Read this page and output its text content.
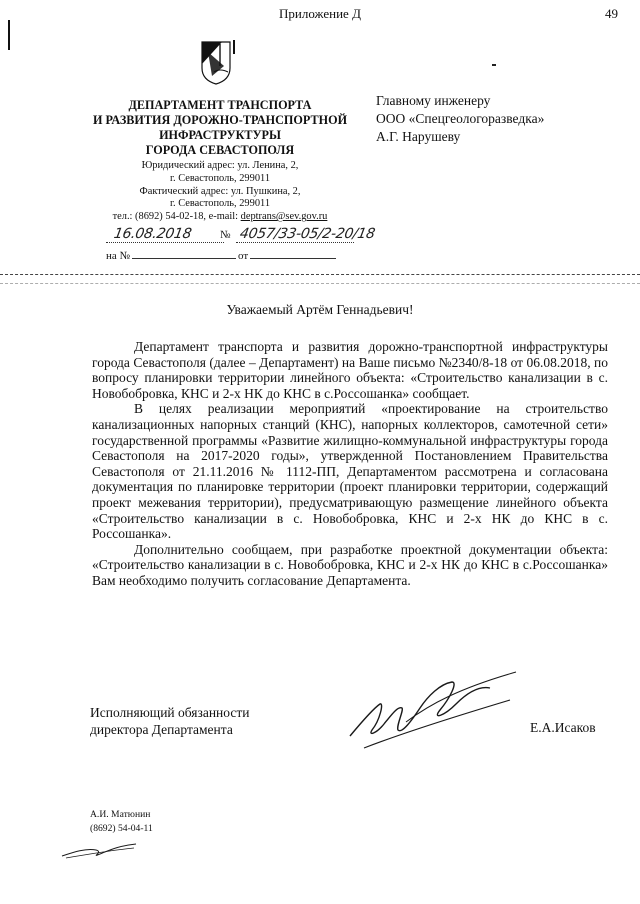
Приложение Д	49
ДЕПАРТАМЕНТ ТРАНСПОРТА
И РАЗВИТИЯ ДОРОЖНО-ТРАНСПОРТНОЙ
ИНФРАСТРУКТУРЫ
ГОРОДА СЕВАСТОПОЛЯ
Юридический адрес: ул. Ленина, 2,
г. Севастополь, 299011
Фактический адрес: ул. Пушкина, 2,
г. Севастополь, 299011
тел.: (8692) 54-02-18, e-mail: deptrans@sev.gov.ru
16.08.2018 № 4057/33-05/2-20/18
на №	от
Главному инженеру
ООО «Спецгеологоразведка»
А.Г. Нарушеву
Уважаемый Артём Геннадьевич!

Департамент транспорта и развития дорожно-транспортной инфраструктуры города Севастополя (далее – Департамент) на Ваше письмо №2340/8-18 от 06.08.2018, по вопросу планировки территории линейного объекта: «Строительство канализации в с. Новобобровка, КНС и 2-х НК до КНС в с.Россошанка» сообщает.

В целях реализации мероприятий «проектирование на строительство канализационных напорных станций (КНС), напорных коллекторов, самотечной сети» государственной программы «Развитие жилищно-коммунальной инфраструктуры города Севастополя на 2017-2020 годы», утвержденной Постановлением Правительства Севастополя от 21.11.2016 № 1112-ПП, Департаментом рассмотрена и согласована документация по планировке территории (проект планировки территории, содержащий проект межевания территории), предусматривающую размещение линейного объекта «Строительство канализации в с. Новобобровка, КНС и 2-х НК до КНС в с. Россошанка».

Дополнительно сообщаем, при разработке проектной документации объекта: «Строительство канализации в с. Новобобровка, КНС и 2-х НК до КНС в с.Россошанка» Вам необходимо получить согласование Департамента.

Исполняющий обязанности
директора Департамента	Е.А.Исаков
А.И. Матюнин
(8692) 54-04-11
